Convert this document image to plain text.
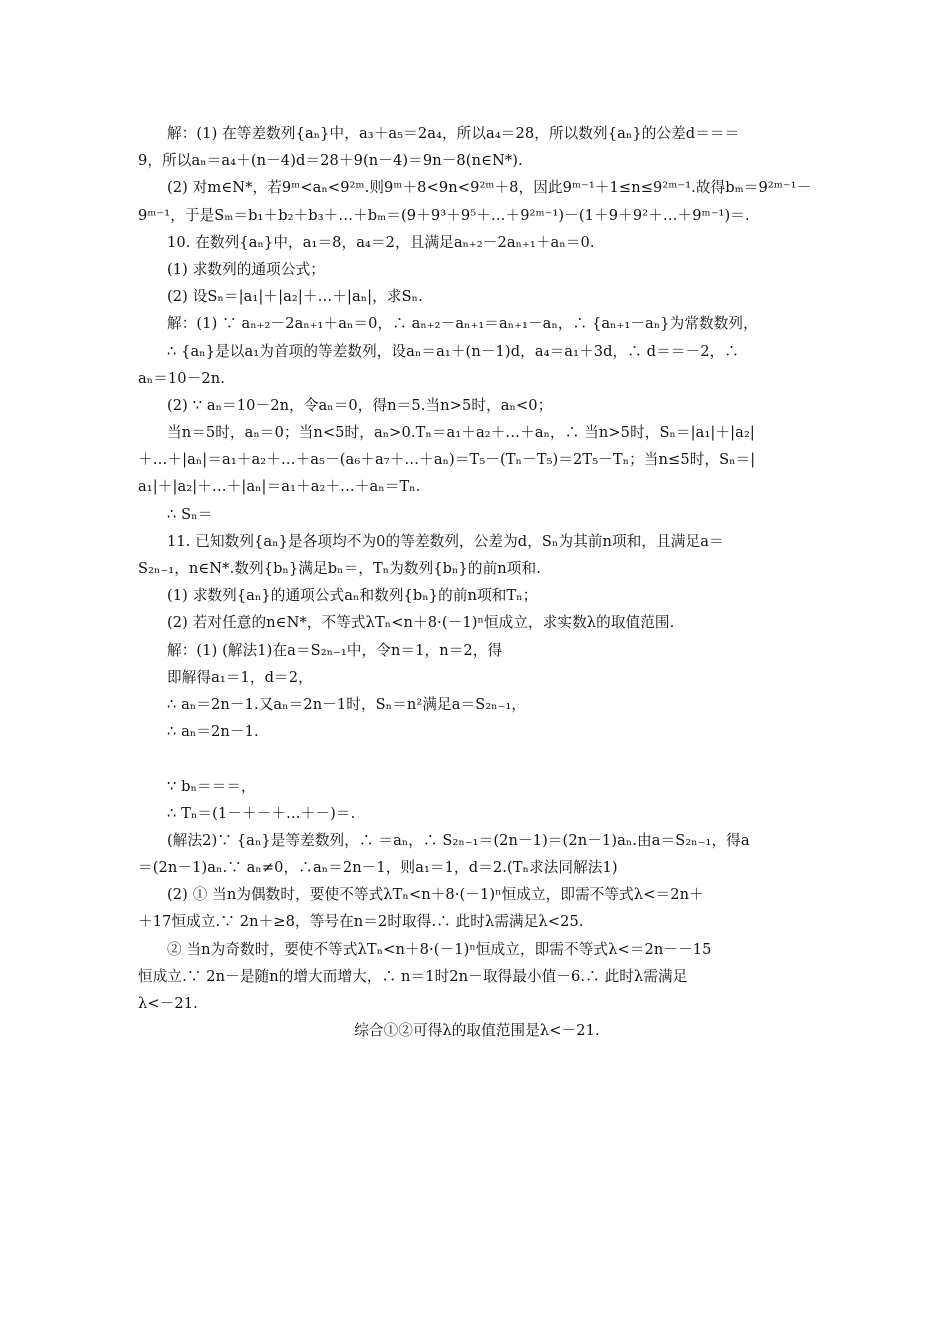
解：(1) 在等差数列{aₙ}中，a₃＋a₅＝2a₄，所以a₄＝28，所以数列{aₙ}的公差d＝＝＝
9，所以aₙ＝a₄＋(n－4)d＝28＋9(n－4)＝9n－8(n∈N*).
(2) 对m∈N*，若9ᵐ<aₙ<9²ᵐ.则9ᵐ＋8<9n<9²ᵐ＋8，因此9ᵐ⁻¹＋1≤n≤9²ᵐ⁻¹.故得bₘ＝9²ᵐ⁻¹－
9ᵐ⁻¹，于是Sₘ＝b₁＋b₂＋b₃＋…＋bₘ＝(9＋9³＋9⁵＋…＋9²ᵐ⁻¹)－(1＋9＋9²＋…＋9ᵐ⁻¹)＝.
10. 在数列{aₙ}中，a₁＝8，a₄＝2，且满足aₙ₊₂－2aₙ₊₁＋aₙ＝0.
(1) 求数列的通项公式；
(2) 设Sₙ＝|a₁|＋|a₂|＋…＋|aₙ|，求Sₙ.
解：(1) ∵ aₙ₊₂－2aₙ₊₁＋aₙ＝0，∴ aₙ₊₂－aₙ₊₁＝aₙ₊₁－aₙ，∴ {aₙ₊₁－aₙ}为常数数列，
∴ {aₙ}是以a₁为首项的等差数列，设aₙ＝a₁＋(n－1)d，a₄＝a₁＋3d，∴ d＝＝－2，∴
aₙ＝10－2n.
(2) ∵ aₙ＝10－2n，令aₙ＝0，得n＝5.当n>5时，aₙ<0；
当n＝5时，aₙ＝0；当n<5时，aₙ>0.Tₙ＝a₁＋a₂＋…＋aₙ，∴ 当n>5时，Sₙ＝|a₁|＋|a₂|
＋…＋|aₙ|＝a₁＋a₂＋…＋a₅－(a₆＋a₇＋…＋aₙ)＝T₅－(Tₙ－T₅)＝2T₅－Tₙ；当n≤5时，Sₙ＝|
a₁|＋|a₂|＋…＋|aₙ|＝a₁＋a₂＋…＋aₙ＝Tₙ.
∴ Sₙ＝
11. 已知数列{aₙ}是各项均不为0的等差数列，公差为d，Sₙ为其前n项和，且满足a＝
S₂ₙ₋₁，n∈N*.数列{bₙ}满足bₙ＝，Tₙ为数列{bₙ}的前n项和.
(1) 求数列{aₙ}的通项公式aₙ和数列{bₙ}的前n项和Tₙ；
(2) 若对任意的n∈N*，不等式λTₙ<n＋8·(－1)ⁿ恒成立，求实数λ的取值范围.
解：(1) (解法1)在a＝S₂ₙ₋₁中，令n＝1，n＝2，得
即解得a₁＝1，d＝2，
∴ aₙ＝2n－1.又aₙ＝2n－1时，Sₙ＝n²满足a＝S₂ₙ₋₁，
∴ aₙ＝2n－1.
∵ bₙ＝＝＝，
∴ Tₙ＝(1－＋－＋…＋－)＝.
(解法2)∵ {aₙ}是等差数列，∴ ＝aₙ，∴ S₂ₙ₋₁＝(2n－1)＝(2n－1)aₙ.由a＝S₂ₙ₋₁，得a
＝(2n－1)aₙ.∵ aₙ≠0，∴aₙ＝2n－1，则a₁＝1，d＝2.(Tₙ求法同解法1)
(2) ① 当n为偶数时，要使不等式λTₙ<n＋8·(－1)ⁿ恒成立，即需不等式λ<＝2n＋
＋17恒成立.∵ 2n＋≥8，等号在n＝2时取得.∴ 此时λ需满足λ<25.
② 当n为奇数时，要使不等式λTₙ<n＋8·(－1)ⁿ恒成立，即需不等式λ<＝2n－－15
恒成立.∵ 2n－是随n的增大而增大，∴ n＝1时2n－取得最小值－6.∴ 此时λ需满足
λ<－21.
综合①②可得λ的取值范围是λ<－21.
